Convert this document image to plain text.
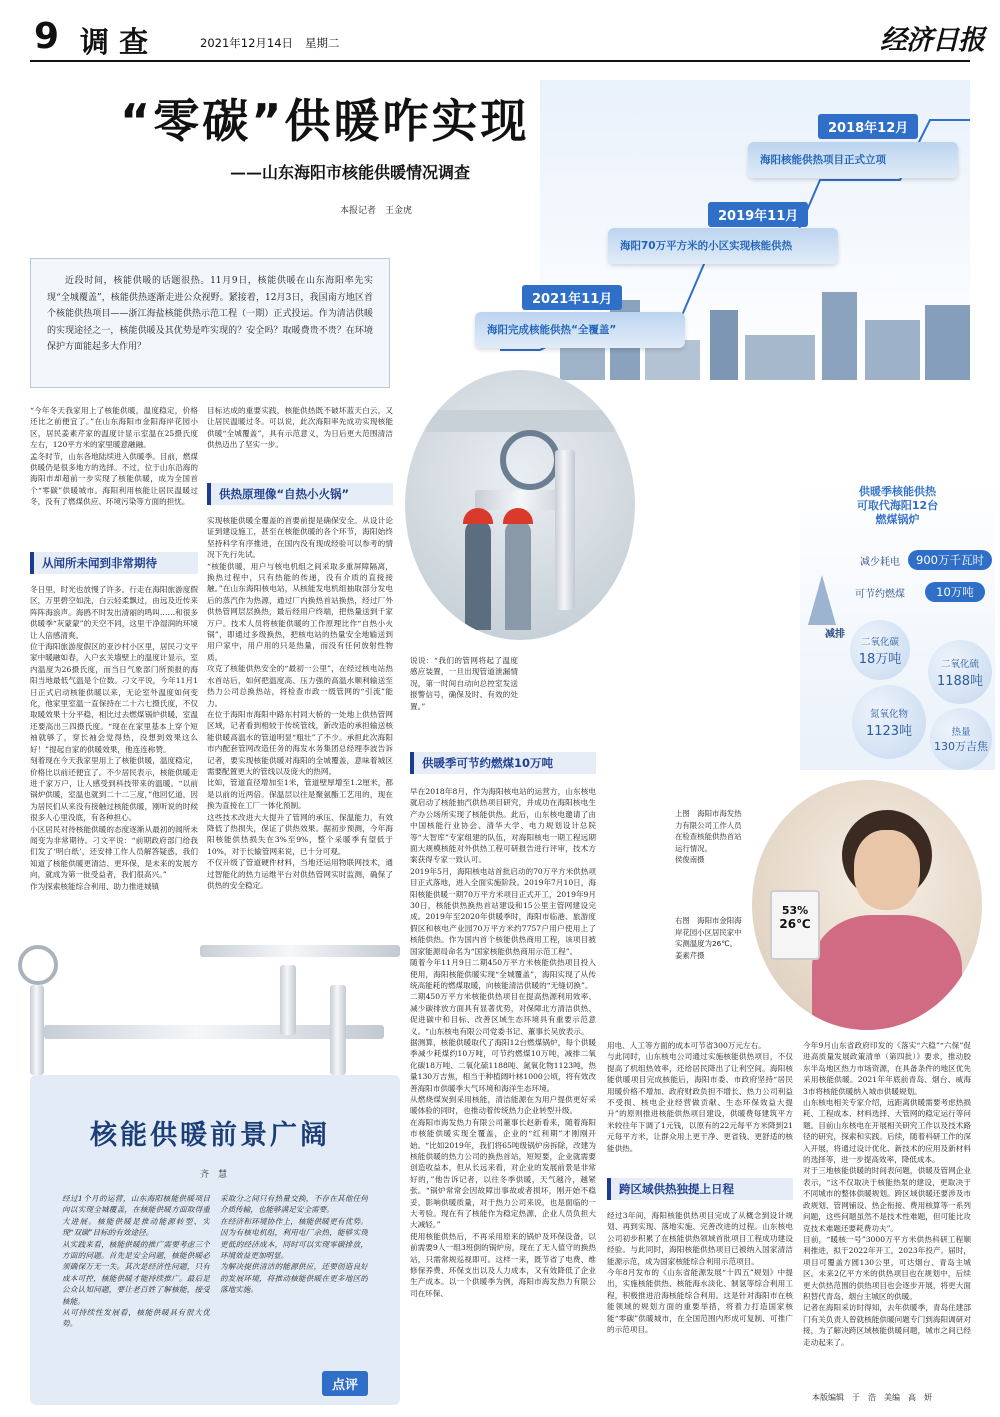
9 调 查	2021年12月14日 星期二	经济日报
2018年12月
海阳核能供热项目正式立项
2019年11月
海阳70万平方米的小区实现核能供热
2021年11月
海阳完成核能供热“全覆盖”
“零碳”供暖咋实现
——山东海阳市核能供暖情况调查
本报记者　王金虎
近段时间，核能供暖的话题很热。11月9日，核能供暖在山东海阳率先实现“全城覆盖”，核能供热逐渐走进公众视野。紧接着，12月3日，我国南方地区首个核能供热项目——浙江海盐核能供热示范工程（一期）正式投运。作为清洁供暖的实现途径之一，核能供暖及其优势是咋实现的？安全吗？取暖费贵不贵？在环境保护方面能起多大作用？
“今年冬天我家用上了核能供暖，温度稳定，价格还比之前便宜了。”在山东海阳市金阳海岸花园小区，居民姜素芹家的温度计显示室温在25摄氏度左右，120平方米的家里暖意融融。
孟冬时节，山东各地陆续进入供暖季。目前，燃煤供暖仍是很多地方的选择。不过，位于山东沿海的海阳市却超前一步实现了核能供暖，成为全国首个“零碳”供暖城市。海阳利用核能让居民温暖过冬，没有了燃煤供应、环境污染等方面的担忧。
从闻所未闻到非常期待
冬日里，时光也放慢了许多。行走在海阳旅游度假区，万里碧空如洗，白云轻柔飘过，由远及近传来阵阵海浪声。海鸥不时发出清丽的鸣叫……和很多供暖季“灰蒙蒙”的天空不同，这里干净湿润的环境让人倍感清爽。
位于海阳旅游度假区的亚沙村小区里，居民刁文平家中暖融如春，入户玄关墙壁上的温度计显示，室内温度为26摄氏度，而当日气象部门所预报的海阳当地最低气温是个位数。刁文平说，今年11月1日正式启动核能供暖以来，无论室外温度如何变化，他家里室温一直保持在二十六七摄氏度，不仅取暖效果十分平稳，相比过去燃煤锅炉供暖，室温还要高出三四摄氏度。“现在在家里基本上穿个短袖就够了，穿长袖会觉得热，没想到效果这么好！”提起自家的供暖效果，他连连称赞。
刻着现在今天我家里用上了核能供暖，温度稳定，价格比以前还便宜了。不少居民表示，核能供暖走进千家万户，让人感受到科技带来的温暖。“以前锅炉供暖，室温也就到二十二三度，”他回忆道，因为居民们从来没有接触过核能供暖，刚听说的时候很多人心里没底，有各种担心。
小区居民对待核能供暖的态度逐渐从最初的闻所未闻变为非常期待。刁文平说：“前期政府部门给我们发了‘明白纸’，还安排工作人员解答疑惑，我们知道了核能供暖更清洁、更环保，是未来的发展方向，就成为第一批受益者，我们很高兴。”
作为探索核能综合利用、助力推进城镇
目标达成的重要实践，核能供热既不破坏蓝天白云，又让居民温暖过冬。可以说，此次海阳率先成功实现核能供暖“全城覆盖”，具有示范意义，为日后更大范围清洁供热迈出了坚实一步。
供热原理像“自热小火锅”
实现核能供暖全覆盖的首要前提是确保安全。从设计论证到建设施工，甚至在核能供暖的各个环节，海阳始终坚持科学有序推进，在国内没有现成经验可以参考的情况下先行先试。
“核能供暖，用户与核电机组之间采取多重屏障隔离，换热过程中，只有热能的传递，没有介质的直接接触。”在山东海阳核电站，从核能发电机组抽取部分发电后的蒸汽作为热源，通过厂内换热首站换热，经过厂外供热管网层层换热，最后经用户终端，把热量送到千家万户。技术人员将核能供暖的工作原理比作“自热小火锅”，即通过多级换热，把核电站的热量安全地输送到用户家中，用户用的只是热量，而没有任何放射性物质。
攻克了核能供热安全的“最初一公里”，在经过核电站热水首站后，如何把温度高、压力强的高温水顺利输送至热力公司总换热站，将检查市政一级管网的“引流”能力。
在位于海阳市海阳中路东村同大桥的一处地上供热管网区域，记者看到相较于传统管线，新改造的承担输送核能供暖高温水的管道明显“粗壮”了不少。承担此次海阳市内配套管网改造任务的海发水务集团总经理李波告诉记者，要实现核能供暖对海阳的全城覆盖，意味着城区需要配置更大的管线以及庞大的热网。
比如，管道直径增加至1米，管道壁厚增至1.2厘米，都是以前的近两倍。保温层以往是聚氨酯工艺用的，现在换为直接在工厂一体化预制。
这些技术改进大大提升了管网的承压、保温能力，有效降低了热损失，保证了供热效果。据初步预测，今年海阳核能供热损失在3%至9%，整个采暖季有望低于10%，对于长输管网来说，已十分可观。
不仅升级了管道硬件材料，当地还运用物联网技术，通过智能化的热力运维平台对供热管网实时监测，确保了供热的安全稳定。
说说：“我们的管网将起了温度感应装置，一旦出现管道泄漏情况，第一时间自动向总控室发送报警信号，确保及时、有效的处置。”
供暖季可节约燃煤10万吨
早在2018年8月，作为海阳核电站的运营方，山东核电就启动了核能抽汽供热项目研究，并成功在海阳核电生产办公场所实现了核能供热。此后，山东核电邀请了由中国核能行业协会、清华大学、电力规划设计总院等“大智库”专家组建的队伍，对海阳核电一期工程远期面大规模核能对外供热工程可研报告进行评审，技术方案获得专家一致认可。
2019年5月，海阳核电站首批启动的70万平方米供热项目正式落地，进入全面实施阶段。2019年7月10日，海阳核能供暖一期70万平方米项目正式开工，2019年9月30日，核能供热换热首站建设和15公里主管网建设完成。2019年至2020年供暖季时，海阳市临港、旅游度假区和核电产业园70万平方米约7757户用户使用上了核能供热。作为国内首个核能供热商用工程，该项目被国家能源局命名为“国家核能供热商用示范工程”。
随着今年11月9日二期450万平方米核能供热项目投入使用，海阳核能供暖实现“全城覆盖”，海阳实现了从传统高能耗的燃煤取暖，向核能清洁供暖的“无缝切换”。
二期450万平方米核能供热项目在提高热源利用效率、减少碳排放方面具有显著优势，对保障北方清洁供热、促进碳中和目标、改善区域生态环境具有重要示范意义。“山东核电有限公司党委书记、董事长吴放表示。
据测算，核能供暖取代了海阳12台燃煤锅炉，每个供暖季减少耗煤约10万吨，可节约燃煤10万吨，减排二氧化碳18万吨、二氧化硫1188吨、氮氧化物1123吨，热量130万吉焦，相当于种植阔叶林1000公顷，将有效改善海阳市供暖季大气环境和海洋生态环境。
从燃烧煤炭到采用核能，清洁能源在为用户提供更好采暖体验的同时，也推动着传统热力企业转型升级。
在海阳市海发热力有限公司董事长赵新看来，随着海阳市核能供暖实现全覆盖，企业的“红利期”才刚刚开始。“比如2019年，我们将65吨级锅炉房拆除，改建为核能供暖的热力公司的换热首站，短短要，企业就需要创造收益本，但从长远来看，对企业的发展前景是非常好的，”他告诉记者，以往冬季供暖，天气越冷，越紧张。“锅炉常常会因故障出事故或者损坏，刚开始不稳妥，影响供暖质量，对于热力公司来说，也是面临的一大考验。现在有了核能作为稳定热源，企业人员负担大大减轻。”
使用核能供热后，不再采用原来的锅炉及环保设备，以前需要9人一组3班倒的锅炉房，现在了无人值守的换热站，只需常规巡视即可。这样一来，既节省了电费、维修保养费、环保支出以及人力成本，又有效降低了企业生产成本。以一个供暖季为例，海阳市海发热力有限公司在环保、
供暖季核能供热
可取代海阳12台
燃煤锅炉
减少耗电	900万千瓦时
可节约燃煤	10万吨
减排
二氧化碳
18万吨	二氧化硫
1188吨
氮氧化物
1123吨	热量
130万吉焦
上图　海阳市海发热力有限公司工作人员在检查核能供热首站运行情况。
侯俊南摄
右图　海阳市金阳海岸花园小区居民家中实测温度为26℃。
姜素芹摄
53%
26℃
用电、人工等方面的成本可节省300万元左右。
与此同时，山东核电公司通过实施核能供热项目，不仅提高了机组热效率，还给居民降出了让利空间。海阳核能供暖项目完成核能后，海阳市委、市政府坚持“居民用暖价格不增加、政府财政负担不增长、热力公司利益不受损、核电企业经营做贡献、生态环保效益大提升”的原则推进核能供热项目建设，供暖费每建筑平方米较往年下调了1元钱，以原有的22元每平方米降到21元每平方米，让群众用上更干净、更省钱、更舒适的核能供热。
跨区域供热独提上日程
经过3年间，海阳核能供热项目完成了从概念到设计规划、再到实现、落地实施、完善改进的过程。山东核电公司初步积累了在核能供热领域首批项目工程成功建设经验。与此同时，海阳核能供热项目已被纳入国家清洁能源示范，成为国家核能综合利用示范项目。
今年8月发布的《山东省能源发展“十四五”规划》中提出，实施核能供热、核能海水淡化、制氢等综合利用工程，积极推进沿海核能综合利用。这是针对海阳市在核能领域的规划方面的重要举措，将着力打造国家核能“零碳”供暖城市，在全国范围内形成可复制、可推广的示范项目。
今年9月山东省政府印发的《落实“六稳”“六保”促进高质量发展政策清单（第四批）》要求，推动胶东半岛地区热力市场资源，在具备条件的地区优先采用核能供暖。2021年年底前青岛、烟台、威海3市将核能供暖纳入城市供暖规划。
山东核电相关专家介绍，远距离供暖需要考虑热损耗、工程成本、材料选择、大管网的稳定运行等问题。目前山东核电在开展相关研究工作以及技术路径的研究，探索和实践。后续，随着科研工作的深入开展，将通过设计优化、新技术的应用及新材料的选择等，进一步提高效率，降低成本。
对于三地核能供暖的时间表问题，供暖及管网企业表示，“这不仅取决于核能热泵的建设，更取决于不同城市的整体供暖规划。跨区域供暖还要涉及市政规划、管网铺设、热企衔接、费用核算等一系列问题，这些问题虽然不是技术性难题，但可能比攻克技术难题还要耗费功夫”。
目前，“暖核一号”3000万平方米供热科研工程顺利推进，拟于2022年开工，2023年投产。届时，项目可覆盖方圆130公里，可达烟台、青岛主城区。未来2亿平方米的供热项目也在规划中，后续更大供热范围的供热项目也会逐步开展，将更大面积替代青岛、烟台主城区的供暖。
记者在海阳采访时得知，去年供暖季，青岛住建部门有关负责人曾就核能供暖问题专门到海阳调研对接，为了解决跨区域核能供暖问题，城市之间已经走动起来了。
本版编辑　于　浩　美编　高　妍
核能供暖前景广阔
齐　慧
经过1个月的运营，山东海阳核能供暖项目向以实现全城覆盖，在核能供暖方面取得重大进展。核能供暖是推动能源转型、实现“双碳”目标的有效途径。
从实践来看，核能供暖的推广需要考虑三个方面的问题。首先是安全问题，核能供暖必须确保万无一失。其次是经济性问题，只有成本可控，核能供暖才能持续推广。最后是公众认知问题，要让老百姓了解核能，接受核能。
从可持续性发展看，核能供暖具有很大优势。
采取分之间只有热量交换，不存在其他任何介质传输，也能够满足安全需要。
在经济和环境协作上，核能供暖更有优势。因为有核电机组，利用电厂余热，能够实现更低的经济成本，同时可以实现零碳排放，环境效益更加明显。
为解决提供清洁的能源供应，还要创造良好的发展环境，将推动核能供暖在更多地区的落地实施。
点评
